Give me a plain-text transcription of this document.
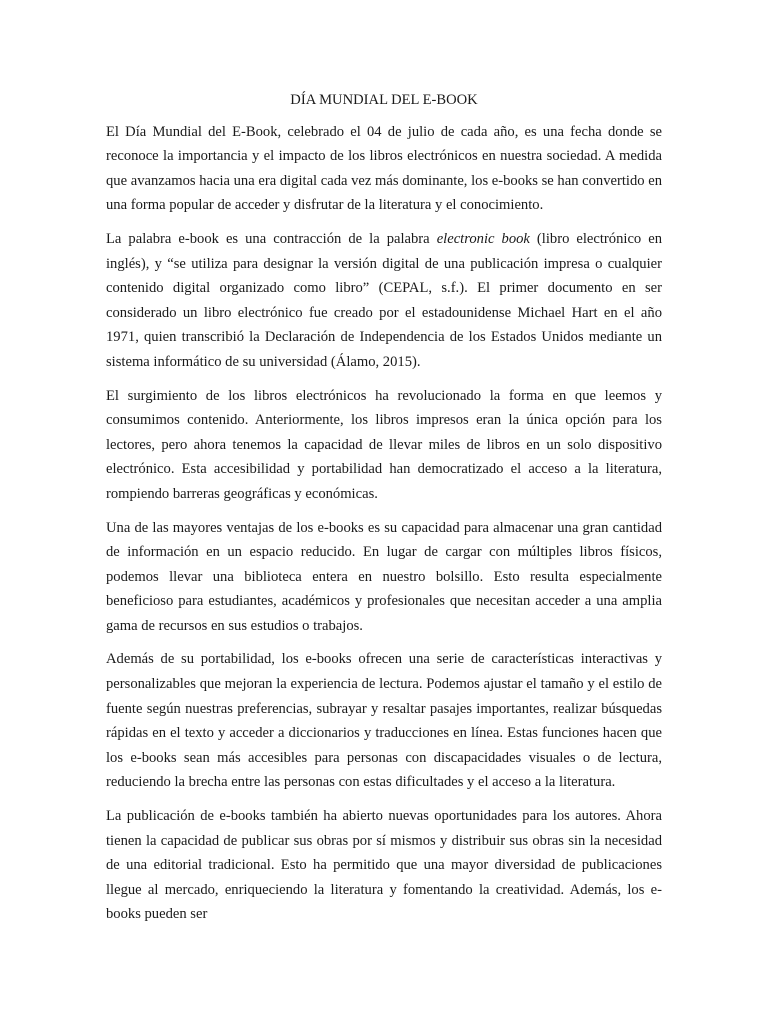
DÍA MUNDIAL DEL E-BOOK

El Día Mundial del E-Book, celebrado el 04 de julio de cada año, es una fecha donde se reconoce la importancia y el impacto de los libros electrónicos en nuestra sociedad. A medida que avanzamos hacia una era digital cada vez más dominante, los e-books se han convertido en una forma popular de acceder y disfrutar de la literatura y el conocimiento.

La palabra e-book es una contracción de la palabra electronic book (libro electrónico en inglés), y “se utiliza para designar la versión digital de una publicación impresa o cualquier contenido digital organizado como libro” (CEPAL, s.f.). El primer documento en ser considerado un libro electrónico fue creado por el estadounidense Michael Hart en el año 1971, quien transcribió la Declaración de Independencia de los Estados Unidos mediante un sistema informático de su universidad (Álamo, 2015).

El surgimiento de los libros electrónicos ha revolucionado la forma en que leemos y consumimos contenido. Anteriormente, los libros impresos eran la única opción para los lectores, pero ahora tenemos la capacidad de llevar miles de libros en un solo dispositivo electrónico. Esta accesibilidad y portabilidad han democratizado el acceso a la literatura, rompiendo barreras geográficas y económicas.

Una de las mayores ventajas de los e-books es su capacidad para almacenar una gran cantidad de información en un espacio reducido. En lugar de cargar con múltiples libros físicos, podemos llevar una biblioteca entera en nuestro bolsillo. Esto resulta especialmente beneficioso para estudiantes, académicos y profesionales que necesitan acceder a una amplia gama de recursos en sus estudios o trabajos.

Además de su portabilidad, los e-books ofrecen una serie de características interactivas y personalizables que mejoran la experiencia de lectura. Podemos ajustar el tamaño y el estilo de fuente según nuestras preferencias, subrayar y resaltar pasajes importantes, realizar búsquedas rápidas en el texto y acceder a diccionarios y traducciones en línea. Estas funciones hacen que los e-books sean más accesibles para personas con discapacidades visuales o de lectura, reduciendo la brecha entre las personas con estas dificultades y el acceso a la literatura.

La publicación de e-books también ha abierto nuevas oportunidades para los autores. Ahora tienen la capacidad de publicar sus obras por sí mismos y distribuir sus obras sin la necesidad de una editorial tradicional. Esto ha permitido que una mayor diversidad de publicaciones llegue al mercado, enriqueciendo la literatura y fomentando la creatividad. Además, los e-books pueden ser
